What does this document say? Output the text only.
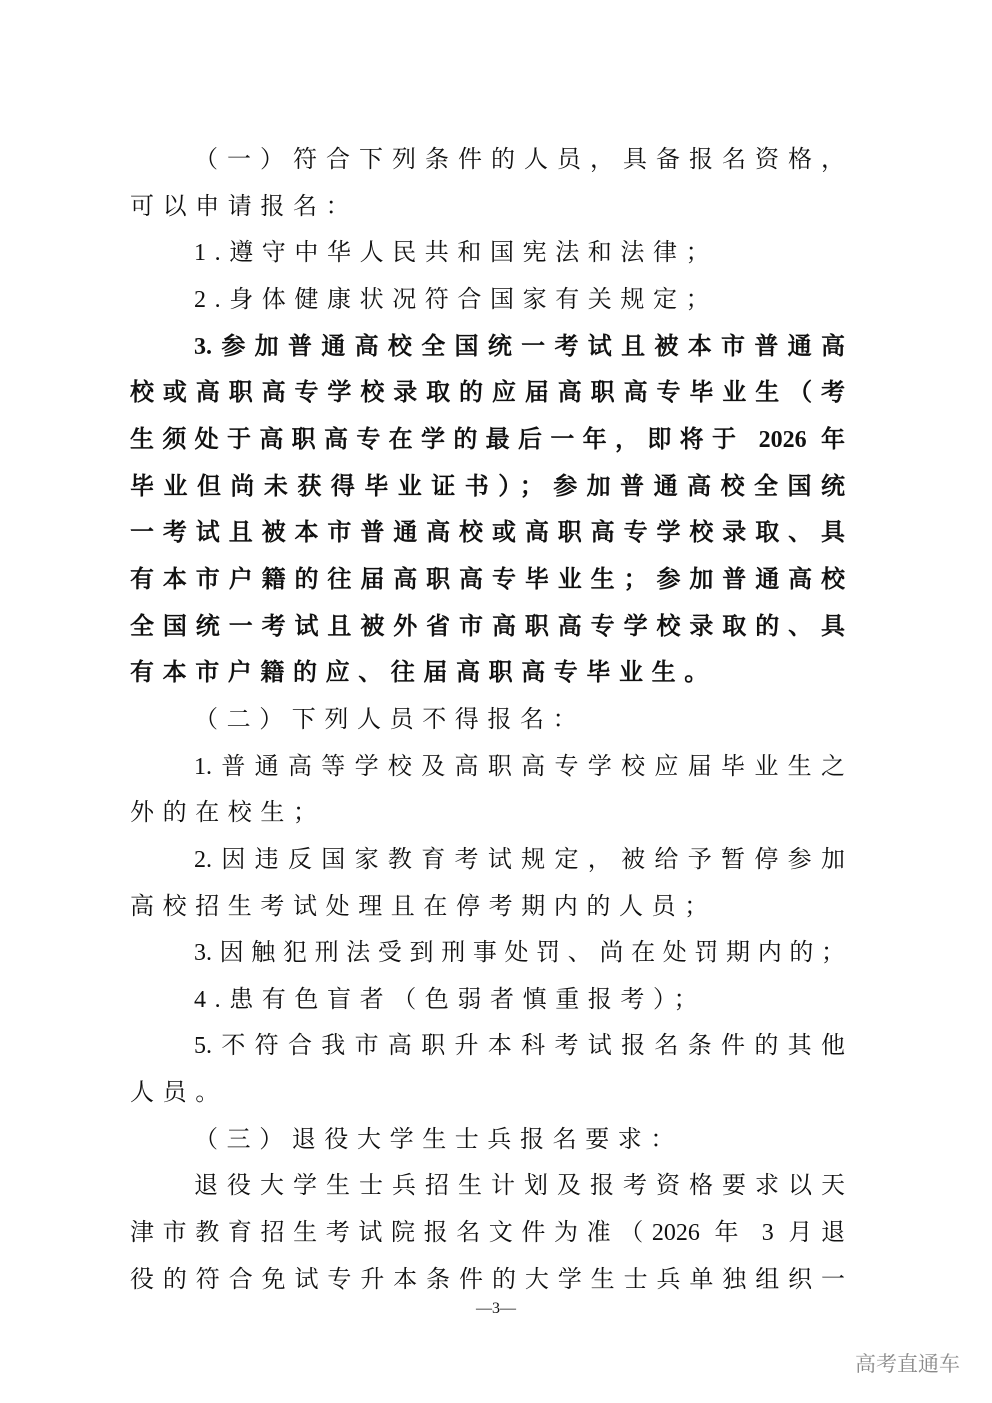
（一）符合下列条件的人员，具备报名资格，
可以申请报名：
1.遵守中华人民共和国宪法和法律；
2.身体健康状况符合国家有关规定；
3.参加普通高校全国统一考试且被本市普通高
校或高职高专学校录取的应届高职高专毕业生（考
生须处于高职高专在学的最后一年，即将于 2026 年
毕业但尚未获得毕业证书）；参加普通高校全国统
一考试且被本市普通高校或高职高专学校录取、具
有本市户籍的往届高职高专毕业生；参加普通高校
全国统一考试且被外省市高职高专学校录取的、具
有本市户籍的应、往届高职高专毕业生。
（二）下列人员不得报名：
1.普通高等学校及高职高专学校应届毕业生之
外的在校生；
2.因违反国家教育考试规定，被给予暂停参加
高校招生考试处理且在停考期内的人员；
3.因触犯刑法受到刑事处罚、尚在处罚期内的；
4.患有色盲者（色弱者慎重报考）；
5.不符合我市高职升本科考试报名条件的其他
人员。
（三）退役大学生士兵报名要求：
退役大学生士兵招生计划及报考资格要求以天
津市教育招生考试院报名文件为准（2026 年 3 月退
役的符合免试专升本条件的大学生士兵单独组织一
—3—
高考直通车
